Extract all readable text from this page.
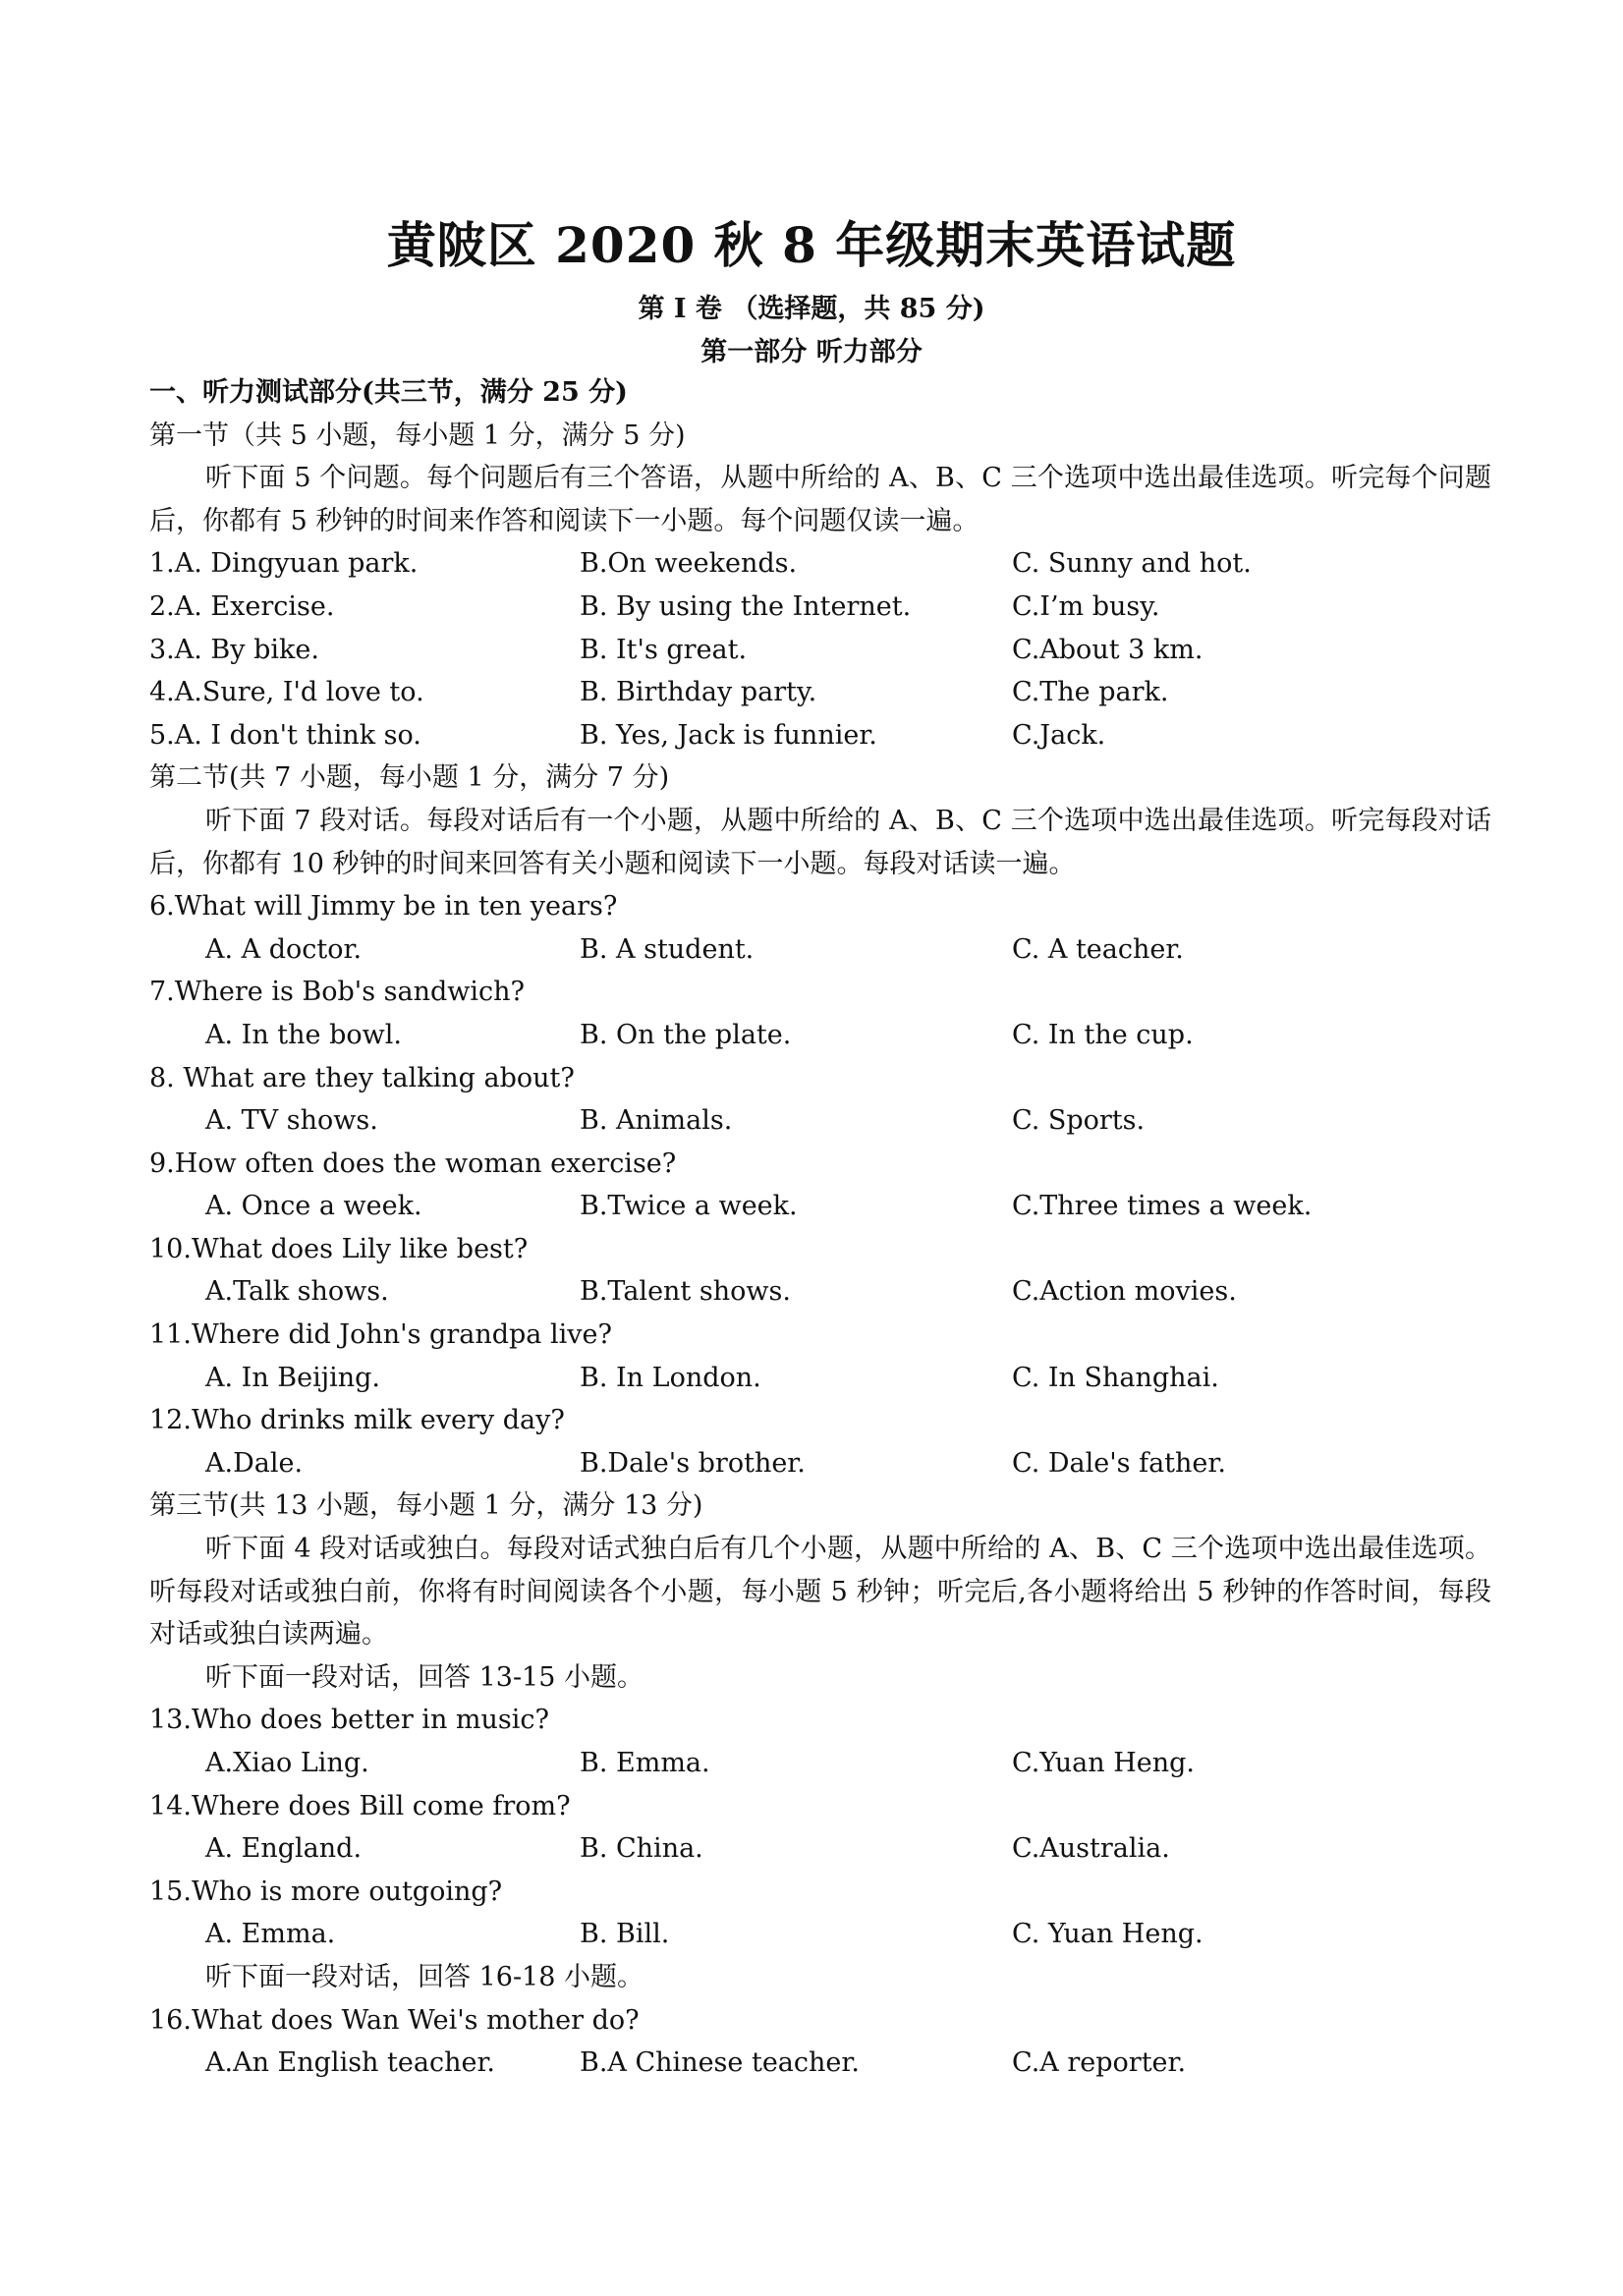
黄陂区 2020 秋 8 年级期末英语试题
第 I 卷 （选择题，共 85 分)
第一部分 听力部分
一、听力测试部分(共三节，满分 25 分)
第一节（共 5 小题，每小题 1 分，满分 5 分)
听下面 5 个问题。每个问题后有三个答语，从题中所给的 A、B、C 三个选项中选出最佳选项。听完每个问题后，你都有 5 秒钟的时间来作答和阅读下一小题。每个问题仅读一遍。
1.A. Dingyuan park.	B.On weekends.	C. Sunny and hot.
2.A. Exercise.	B. By using the Internet.	C.I’m busy.
3.A. By bike.	B. It's great.	C.About 3 km.
4.A.Sure, I'd love to.	B. Birthday party.	C.The park.
5.A. I don't think so.	B. Yes, Jack is funnier.	C.Jack.
第二节(共 7 小题，每小题 1 分，满分 7 分)
听下面 7 段对话。每段对话后有一个小题，从题中所给的 A、B、C 三个选项中选出最佳选项。听完每段对话后，你都有 10 秒钟的时间来回答有关小题和阅读下一小题。每段对话读一遍。
6.What will Jimmy be in ten years?
A. A doctor.	B. A student.	C. A teacher.
7.Where is Bob's sandwich?
A. In the bowl.	B. On the plate.	C. In the cup.
8. What are they talking about?
A. TV shows.	B. Animals.	C. Sports.
9.How often does the woman exercise?
A. Once a week.	B.Twice a week.	C.Three times a week.
10.What does Lily like best?
A.Talk shows.	B.Talent shows.	C.Action movies.
11.Where did John's grandpa live?
A. In Beijing.	B. In London.	C. In Shanghai.
12.Who drinks milk every day?
A.Dale.	B.Dale's brother.	C. Dale's father.
第三节(共 13 小题，每小题 1 分，满分 13 分)
听下面 4 段对话或独白。每段对话式独白后有几个小题，从题中所给的 A、B、C 三个选项中选出最佳选项。听每段对话或独白前，你将有时间阅读各个小题，每小题 5 秒钟；听完后,各小题将给出 5 秒钟的作答时间，每段对话或独白读两遍。
听下面一段对话，回答 13-15 小题。
13.Who does better in music?
A.Xiao Ling.	B. Emma.	C.Yuan Heng.
14.Where does Bill come from?
A. England.	B. China.	C.Australia.
15.Who is more outgoing?
A. Emma.	B. Bill.	C. Yuan Heng.
听下面一段对话，回答 16-18 小题。
16.What does Wan Wei's mother do?
A.An English teacher.	B.A Chinese teacher.	C.A reporter.
